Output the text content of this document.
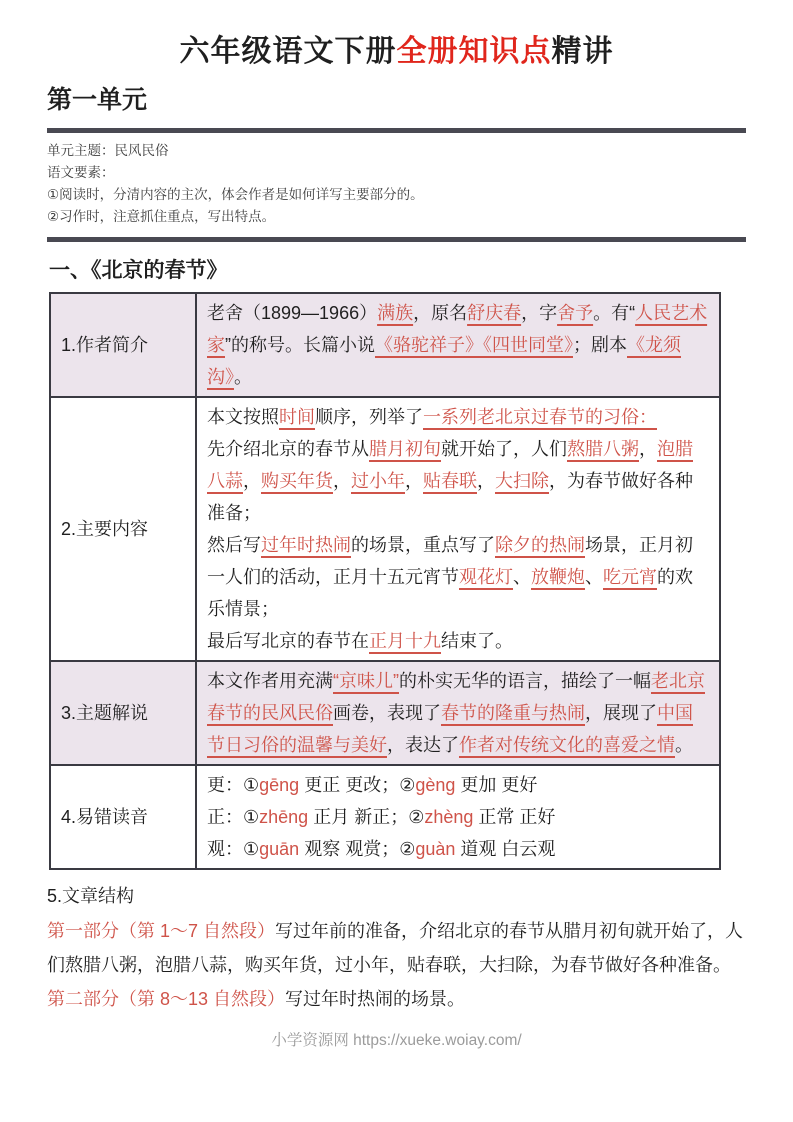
六年级语文下册全册知识点精讲
第一单元

单元主题：民风民俗

语文要素：

①阅读时，分清内容的主次，体会作者是如何详写主要部分的。

②习作时，注意抓住重点，写出特点。

一、《北京的春节》
1.作者简介	老舍（1899—1966）满族，原名舒庆春，字舍予。有“人民艺术家”的称号。长篇小说《骆驼祥子》《四世同堂》；剧本《龙须沟》。

2.主要内容	本文按照时间顺序，列举了一系列老北京过春节的习俗：

先介绍北京的春节从腊月初旬就开始了，人们熬腊八粥，泡腊八蒜，购买年货，过小年，贴春联，大扫除，为春节做好各种准备；

然后写过年时热闹的场景，重点写了除夕的热闹场景，正月初一人们的活动，正月十五元宵节观花灯、放鞭炮、吃元宵的欢乐情景；

最后写北京的春节在正月十九结束了。

3.主题解说	本文作者用充满“京味儿”的朴实无华的语言，描绘了一幅老北京春节的民风民俗画卷，表现了春节的隆重与热闹，展现了中国节日习俗的温馨与美好，表达了作者对传统文化的喜爱之情。

4.易错读音	更：①gēng 更正 更改；②gèng 更加 更好

正：①zhēng 正月 新正；②zhèng 正常 正好

观：①guān 观察 观赏；②guàn 道观 白云观

5.文章结构

第一部分（第 1～7 自然段）写过年前的准备，介绍北京的春节从腊月初旬就开始了，人们熬腊八粥，泡腊八蒜，购买年货，过小年，贴春联，大扫除，为春节做好各种准备。

第二部分（第 8～13 自然段）写过年时热闹的场景。

小学资源网 https://xueke.woiay.com/
